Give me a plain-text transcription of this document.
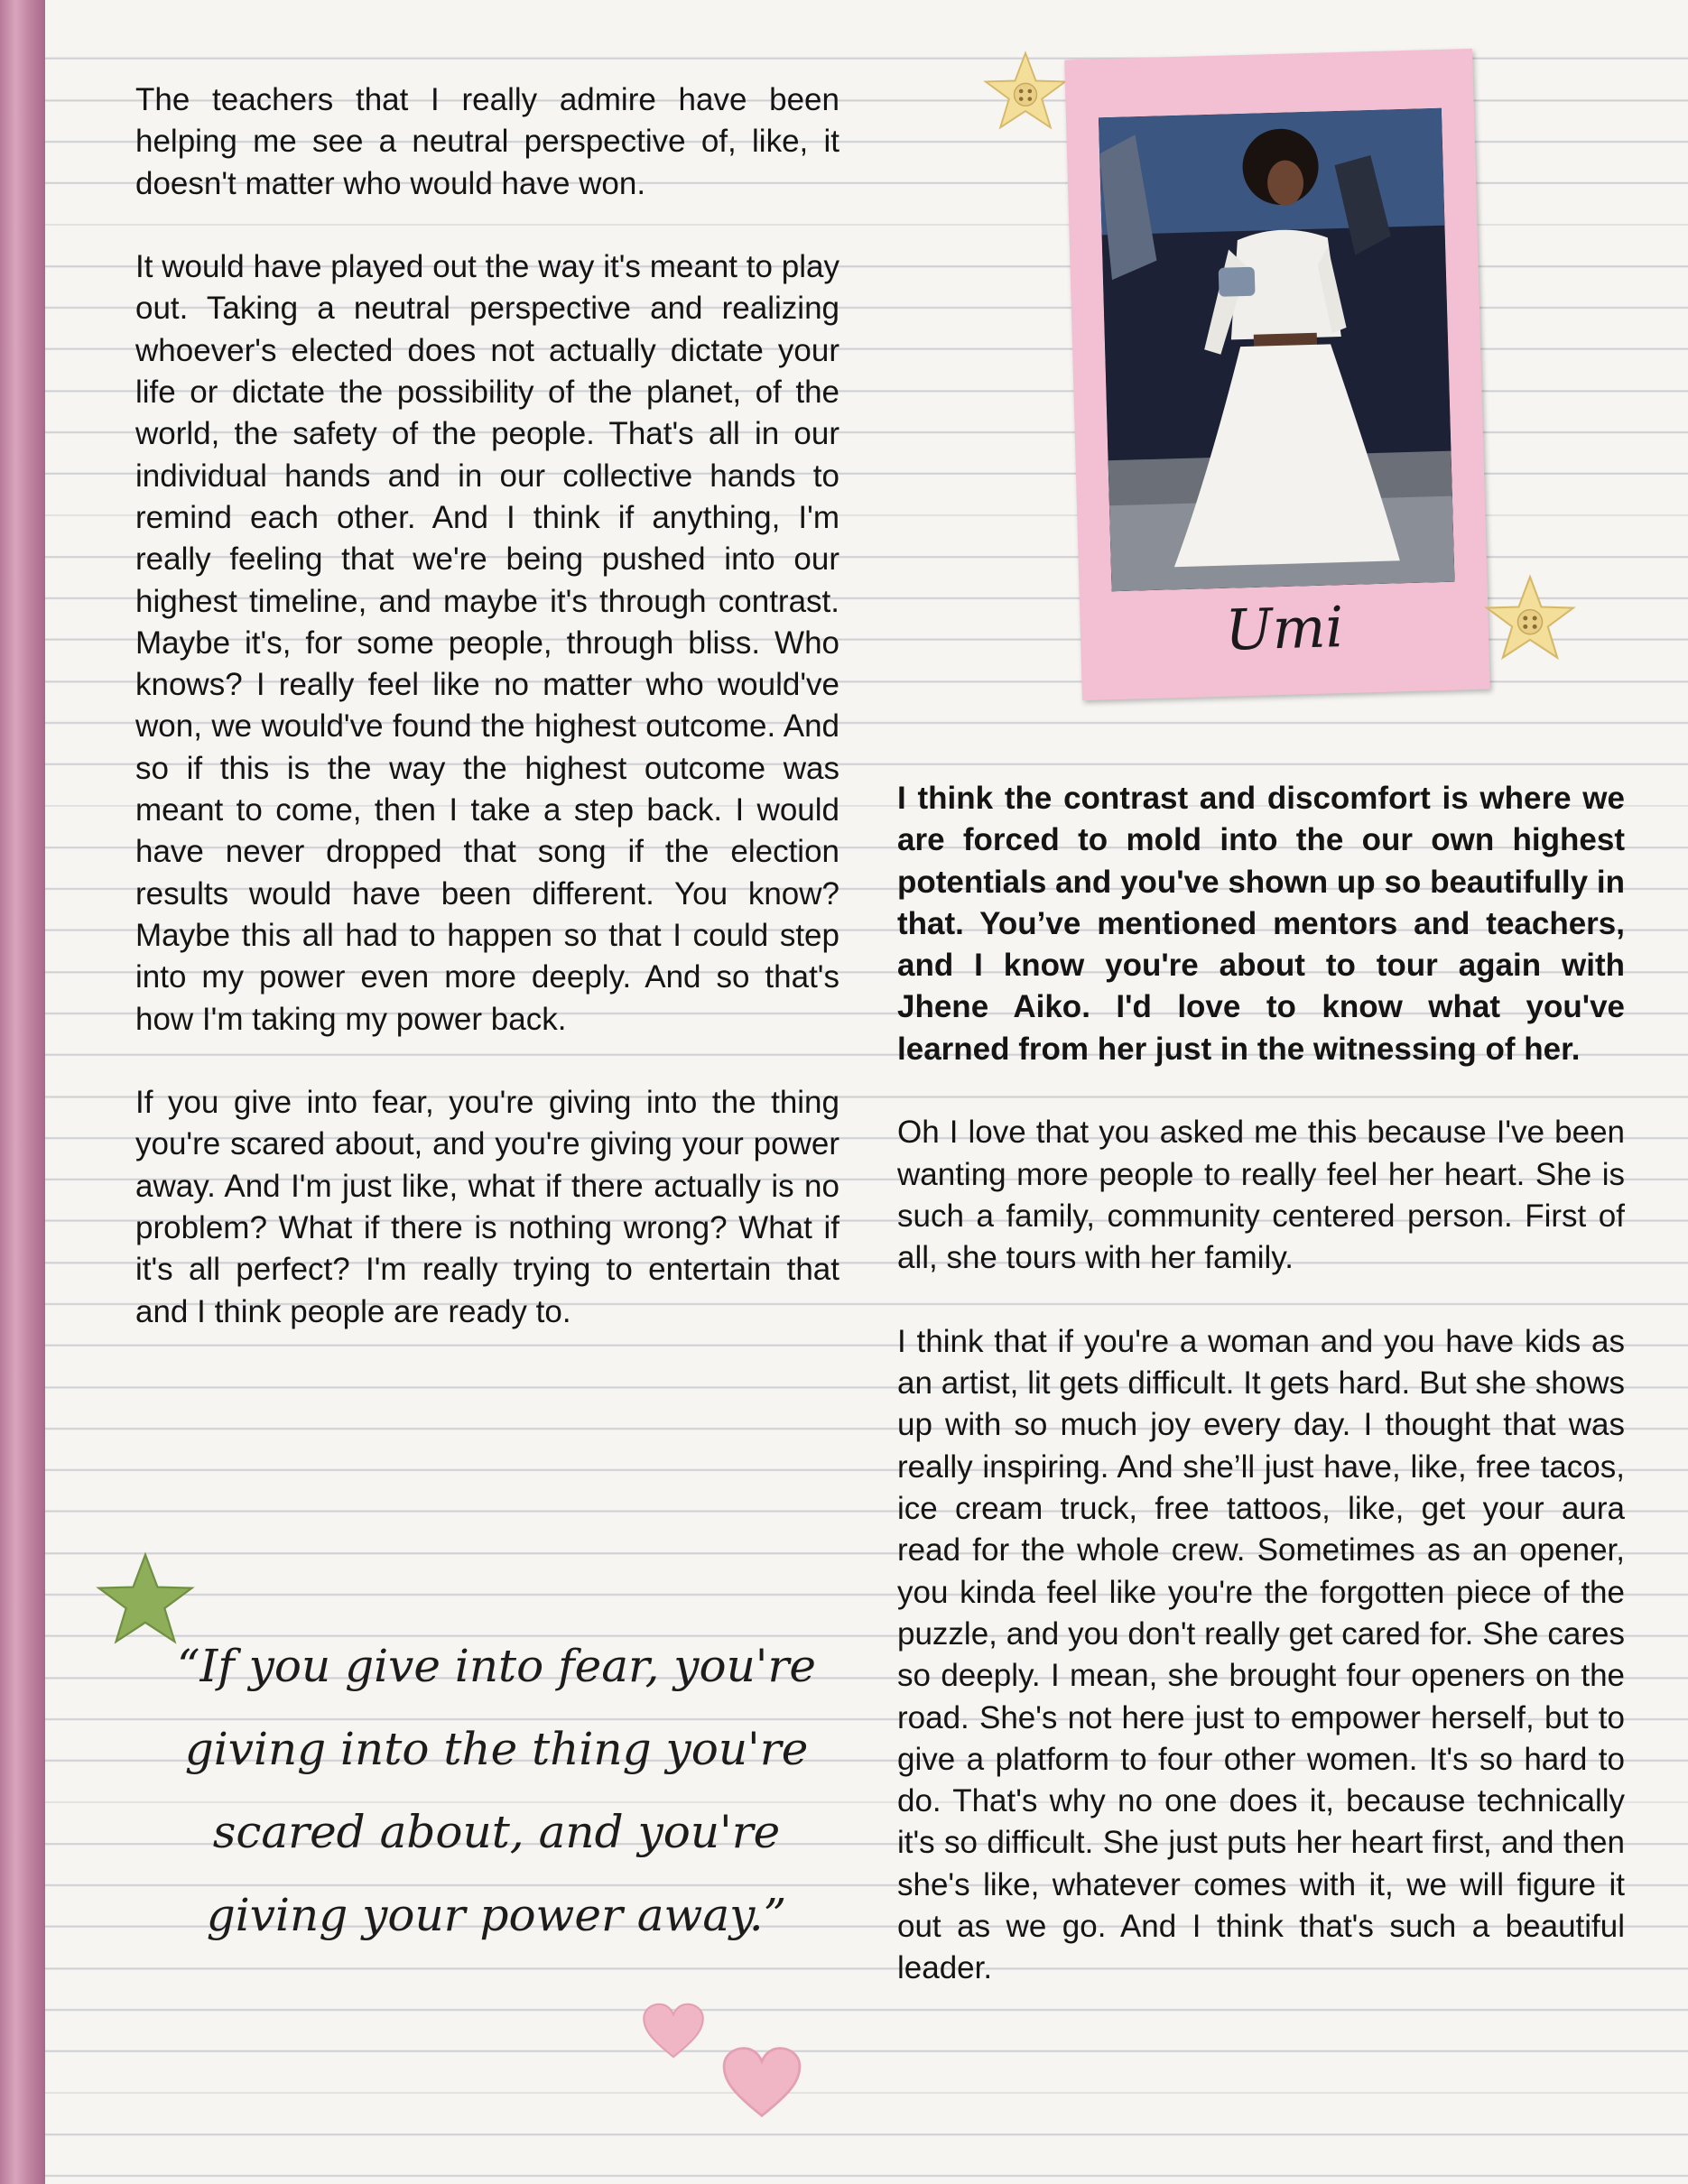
The teachers that I really admire have been helping me see a neutral perspective of, like, it doesn't matter who would have won.

It would have played out the way it's meant to play out. Taking a neutral perspective and realizing whoever's elected does not actually dictate your life or dictate the possibility of the planet, of the world, the safety of the people. That's all in our individual hands and in our collective hands to remind each other. And I think if anything, I'm really feeling that we're being pushed into our highest timeline, and maybe it's through contrast. Maybe it's, for some people, through bliss. Who knows? I really feel like no matter who would've won, we would've found the highest outcome. And so if this is the way the highest outcome was meant to come, then I take a step back. I would have never dropped that song if the election results would have been different. You know? Maybe this all had to happen so that I could step into my power even more deeply. And so that's how I'm taking my power back.

If you give into fear, you're giving into the thing you're scared about, and you're giving your power away. And I'm just like, what if there actually is no problem? What if there is nothing wrong? What if it's all perfect? I'm really trying to entertain that and I think people are ready to.

Umi

I think the contrast and discomfort is where we are forced to mold into the our own highest potentials and you've shown up so beautifully in that. You’ve mentioned mentors and teachers, and I know you're about to tour again with Jhene Aiko. I'd love to know what you've learned from her just in the witnessing of her.

Oh I love that you asked me this because I've been wanting more people to really feel her heart. She is such a family, community centered person. First of all, she tours with her family.

I think that if you're a woman and you have kids as an artist, lit gets difficult. It gets hard. But she shows up with so much joy every day. I thought that was really inspiring. And she’ll just have, like, free tacos, ice cream truck, free tattoos, like, get your aura read for the whole crew. Sometimes as an opener, you kinda feel like you're the forgotten piece of the puzzle, and you don't really get cared for. She cares so deeply. I mean, she brought four openers on the road. She's not here just to empower herself, but to give a platform to four other women. It's so hard to do. That's why no one does it, because technically it's so difficult. She just puts her heart first, and then she's like, whatever comes with it, we will figure it out as we go. And I think that's such a beautiful leader.

“If you give into fear, you're giving into the thing you're scared about, and you're giving your power away.”
